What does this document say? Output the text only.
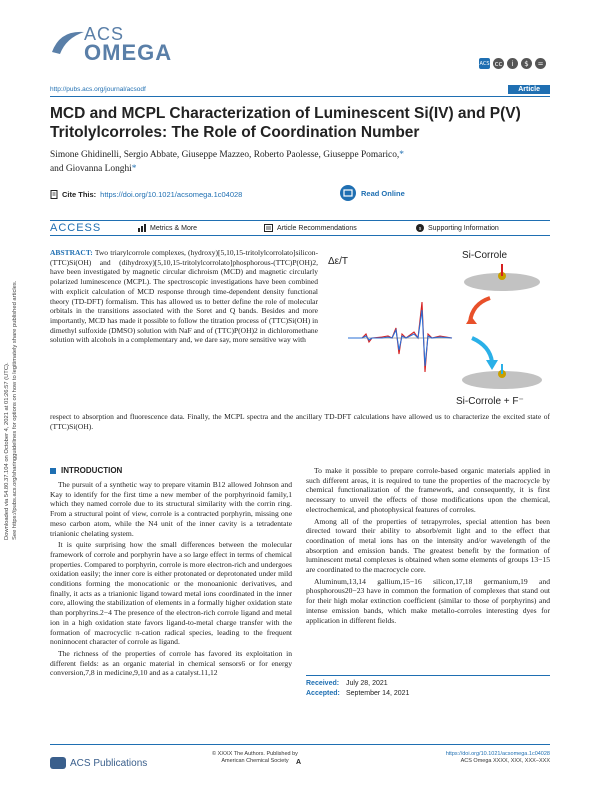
ACS
OMEGA	ACS cc	i	$	=
http://pubs.acs.org/journal/acsodf	Article
MCD and MCPL Characterization of Luminescent Si(IV) and P(V) Tritolylcorroles: The Role of Coordination Number
Simone Ghidinelli, Sergio Abbate, Giuseppe Mazzeo, Roberto Paolesse, Giuseppe Pomarico,*
and Giovanna Longhi*
Cite This: https://doi.org/10.1021/acsomega.1c04028	Read Online
ACCESS	Metrics & More	Article Recommendations	s Supporting Information
ABSTRACT: Two triarylcorrole complexes, (hydroxy)[5,10,15-tritolylcorrolato]silicon-(TTC)Si(OH) and (dihydroxy)[5,10,15-tritolylcorrolato]phosphorous-(TTC)P(OH)2, have been investigated by magnetic circular dichroism (MCD) and magnetic circularly polarized luminescence (MCPL). The spectroscopic investigations have been combined with explicit calculation of MCD response through time-dependent density functional theory (TD-DFT) formalism. This has allowed us to better define the role of molecular orbitals in the transitions associated with the Soret and Q bands. Besides and more importantly, MCD has made it possible to follow the titration process of (TTC)Si(OH) in dimethyl sulfoxide (DMSO) solution with NaF and of (TTC)P(OH)2 in dichloromethane solution with alcohols in a complementary and, we dare say, more sensitive way with
Δε/T
Si-Corrole
Si-Corrole + F⁻
respect to absorption and fluorescence data. Finally, the MCPL spectra and the ancillary TD-DFT calculations have allowed us to characterize the excited state of (TTC)Si(OH).
Downloaded via 54.80.37.104 on October 4, 2021 at 01:26:57 (UTC). See https://pubs.acs.org/sharingguidelines for options on how to legitimately share published articles.	INTRODUCTION

The pursuit of a synthetic way to prepare vitamin B12 allowed Johnson and Kay to identify for the first time a new member of the porphyrinoid family,1 which they named corrole due to its structural similarity with the corrin ring. From a structural point of view, corrole is a contracted porphyrin, missing one meso carbon atom, while the N4 unit of the inner cavity is a tetradentate trianionic chelating system.

It is quite surprising how the small differences between the molecular framework of corrole and porphyrin have a so large effect in terms of chemical properties. Compared to porphyrin, corrole is more electron-rich and undergoes oxidation easily; the inner core is either protonated or deprotonated under mild conditions forming the monocationic or the monoanionic derivatives, and finally, it acts as a trianionic ligand toward metal ions coordinated in the inner core, allowing the stabilization of elements in a formally higher oxidation state than porphyrins.2−4 The presence of the electron-rich corrole ligand and metal ion in a high oxidation state favors ligand-to-metal charge transfer with the formation of macrocyclic π-cation radical species, leading to the frequent noninnocent character of corrole as ligand.

The richness of the properties of corrole has favored its exploitation in different fields: as an organic material in chemical sensors6 or for energy conversion,7,8 in medicine,9,10 and as a catalyst.11,12

To make it possible to prepare corrole-based organic materials applied in such different areas, it is required to tune the properties of the macrocycle by chemical functionalization of the framework, and consequently, it is first necessary to unveil the effects of those modifications upon the chemical, electrochemical, and photophysical features of corroles.

Among all of the properties of tetrapyrroles, special attention has been directed toward their ability to absorb/emit light and to the effect that coordination of metal ions has on the intensity and/or wavelength of the absorption and emission bands. The greatest benefit by the formation of luminescent metal complexes is obtained when some elements of groups 13−15 are coordinated to the macrocycle core.

Aluminum,13,14 gallium,15−16 silicon,17,18 germanium,19 and phosphorous20−23 have in common the formation of complexes that stand out for their high molar extinction coefficient (similar to those of porphyrins) and intense emission bands, which make metallo-corroles interesting dyes for application in different fields.

Received: July 28, 2021
Accepted: September 14, 2021
ACS Publications
© XXXX The Authors. Published by American Chemical Society	A
https://doi.org/10.1021/acsomega.1c04028
ACS Omega XXXX, XXX, XXX−XXX
